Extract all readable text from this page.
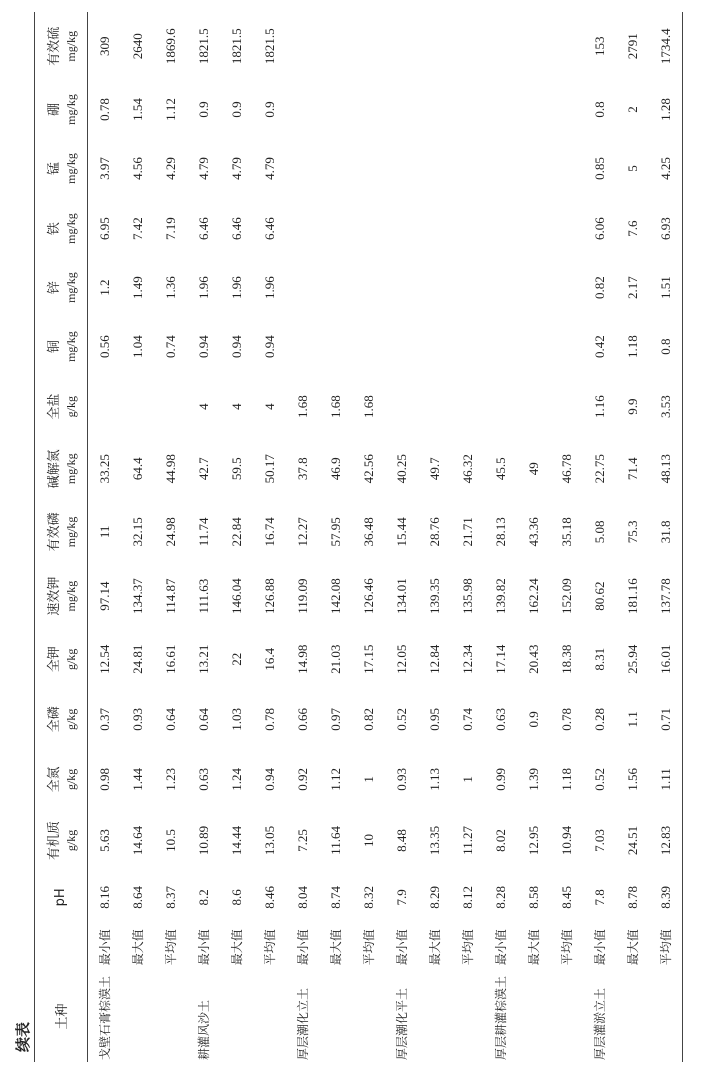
续表
土种		pH	有机质 g/kg	全氮 g/kg	全磷 g/kg	全钾 g/kg	速效钾 mg/kg	有效磷 mg/kg	碱解氮 mg/kg	全盐 g/kg	铜 mg/kg	锌 mg/kg	铁 mg/kg	锰 mg/kg	硼 mg/kg	有效硫 mg/kg

戈壁石膏棕漠土	最小值	8.16	5.63	0.98	0.37	12.54	97.14	11	33.25		0.56	1.2	6.95	3.97	0.78	309
	最大值	8.64	14.64	1.44	0.93	24.81	134.37	32.15	64.4		1.04	1.49	7.42	4.56	1.54	2640
	平均值	8.37	10.5	1.23	0.64	16.61	114.87	24.98	44.98		0.74	1.36	7.19	4.29	1.12	1869.6
耕灌风沙土	最小值	8.2	10.89	0.63	0.64	13.21	111.63	11.74	42.7	4	0.94	1.96	6.46	4.79	0.9	1821.5
	最大值	8.6	14.44	1.24	1.03	22	146.04	22.84	59.5	4	0.94	1.96	6.46	4.79	0.9	1821.5
	平均值	8.46	13.05	0.94	0.78	16.4	126.88	16.74	50.17	4	0.94	1.96	6.46	4.79	0.9	1821.5
厚层潮化立土	最小值	8.04	7.25	0.92	0.66	14.98	119.09	12.27	37.8	1.68						
	最大值	8.74	11.64	1.12	0.97	21.03	142.08	57.95	46.9	1.68						
	平均值	8.32	10	1	0.82	17.15	126.46	36.48	42.56	1.68						
厚层潮化平土	最小值	7.9	8.48	0.93	0.52	12.05	134.01	15.44	40.25							
	最大值	8.29	13.35	1.13	0.95	12.84	139.35	28.76	49.7							
	平均值	8.12	11.27	1	0.74	12.34	135.98	21.71	46.32							
厚层耕灌棕漠土	最小值	8.28	8.02	0.99	0.63	17.14	139.82	28.13	45.5							
	最大值	8.58	12.95	1.39	0.9	20.43	162.24	43.36	49							
	平均值	8.45	10.94	1.18	0.78	18.38	152.09	35.18	46.78							
厚层灌淤立土	最小值	7.8	7.03	0.52	0.28	8.31	80.62	5.08	22.75	1.16	0.42	0.82	6.06	0.85	0.8	153
	最大值	8.78	24.51	1.56	1.1	25.94	181.16	75.3	71.4	9.9	1.18	2.17	7.6	5	2	2791
	平均值	8.39	12.83	1.11	0.71	16.01	137.78	31.8	48.13	3.53	0.8	1.51	6.93	4.25	1.28	1734.4
